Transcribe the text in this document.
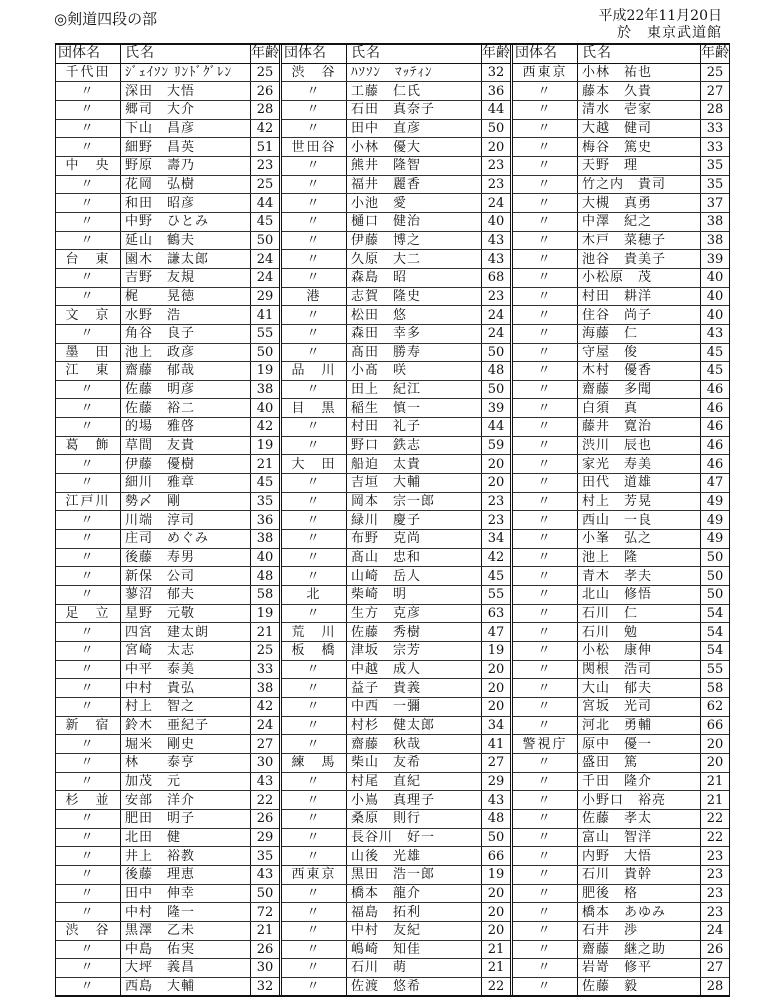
◎剣道四段の部	平成22年11月20日
於　東京武道館
団体名	氏名	年齢
千代田	ｼﾞｪｲｿﾝ ﾘﾝﾄﾞｸﾞﾚﾝ	25
〃	深田　大悟	26
〃	郷司　大介	28
〃	下山　昌彦	42
〃	細野　昌英	51
中　央	野原　壽乃	23
〃	花岡　弘樹	25
〃	和田　昭彦	44
〃	中野　ひとみ	45
〃	延山　鶴夫	50
台　東	園木　謙太郎	24
〃	吉野　友規	24
〃	梶　　晃徳	29
文　京	水野　浩	41
〃	角谷　良子	55
墨　田	池上　政彦	50
江　東	齋藤　郁哉	19
〃	佐藤　明彦	38
〃	佐藤　裕二	40
〃	的場　雅啓	42
葛　飾	草間　友貴	19
〃	伊藤　優樹	21
〃	細川　雅章	45
江戸川	勢〆　剛	35
〃	川端　淳司	36
〃	庄司　めぐみ	38
〃	後藤　寿男	40
〃	新保　公司	48
〃	蓼沼　郁夫	58
足　立	星野　元敬	19
〃	四宮　建太朗	21
〃	宮崎　太志	25
〃	中平　泰美	33
〃	中村　貴弘	38
〃	村上　智之	42
新　宿	鈴木　亜紀子	24
〃	堀米　剛史	27
〃	林　　泰亨	30
〃	加茂　元	43
杉　並	安部　洋介	22
〃	肥田　明子	26
〃	北田　健	29
〃	井上　裕教	35
〃	後藤　理恵	43
〃	田中　伸幸	50
〃	中村　隆一	72
渋　谷	黒澤　乙未	21
〃	中島　佑実	26
〃	大坪　義昌	30
〃	西島　大輔	32
団体名	氏名	年齢
渋　谷	ﾊｿｿﾝ　ﾏｯﾃｨﾝ	32
〃	工藤　仁氏	36
〃	石田　真奈子	44
〃	田中　直彦	50
世田谷	小林　優大	20
〃	熊井　隆智	23
〃	福井　麗香	23
〃	小池　愛	24
〃	樋口　健治	40
〃	伊藤　博之	43
〃	久原　大二	43
〃	森島　昭	68
港	志賀　隆史	23
〃	松田　悠	24
〃	森田　幸多	24
〃	髙田　勝寿	50
品　川	小髙　咲	48
〃	田上　紀江	50
目　黒	稲生　慎一	39
〃	村田　礼子	44
〃	野口　鉄志	59
大　田	船迫　太貴	20
〃	吉垣　大輔	20
〃	岡本　宗一郎	23
〃	緑川　慶子	23
〃	布野　克尚	34
〃	髙山　忠和	42
〃	山崎　岳人	45
北	柴崎　明	55
〃	生方　克彦	63
荒　川	佐藤　秀樹	47
板　橋	津坂　宗芳	19
〃	中越　成人	20
〃	益子　貴義	20
〃	中西　一彌	20
〃	村杉　健太郎	34
〃	齋藤　秋哉	41
練　馬	柴山　友希	27
〃	村尾　直紀	29
〃	小嶌　真理子	43
〃	桑原　則行	48
〃	長谷川　好一	50
〃	山後　光雄	66
西東京	黒田　浩一郎	19
〃	橋本　龍介	20
〃	福島　拓利	20
〃	中村　友紀	20
〃	嶋崎　知佳	21
〃	石川　萌	21
〃	佐渡　悠希	22
団体名	氏名	年齢
西東京	小林　祐也	25
〃	藤本　久貴	27
〃	清水　壱家	28
〃	大越　健司	33
〃	梅谷　篤史	33
〃	天野　理	35
〃	竹之内　貴司	35
〃	大槻　真勇	37
〃	中澤　紀之	38
〃	木戸　菜穂子	38
〃	池谷　貴美子	39
〃	小松原　茂	40
〃	村田　耕洋	40
〃	住谷　尚子	40
〃	海藤　仁	43
〃	守屋　俊	45
〃	木村　優香	45
〃	齋藤　多聞	46
〃	白須　真	46
〃	藤井　寛治	46
〃	渋川　辰也	46
〃	家光　寿美	46
〃	田代　道雄	47
〃	村上　芳晃	49
〃	西山　一良	49
〃	小峯　弘之	49
〃	池上　隆	50
〃	青木　孝夫	50
〃	北山　修悟	50
〃	石川　仁	54
〃	石川　勉	54
〃	小松　康伸	54
〃	関根　浩司	55
〃	大山　郁夫	58
〃	宮坂　光司	62
〃	河北　勇輔	66
警視庁	原中　優一	20
〃	盛田　篤	20
〃	千田　隆介	21
〃	小野口　裕亮	21
〃	佐藤　孝太	22
〃	富山　智洋	22
〃	内野　大悟	23
〃	石川　貴幹	23
〃	肥後　格	23
〃	橋本　あゆみ	23
〃	石井　渉	24
〃	齋藤　継之助	26
〃	岩嵜　修平	27
〃	佐藤　毅	28
